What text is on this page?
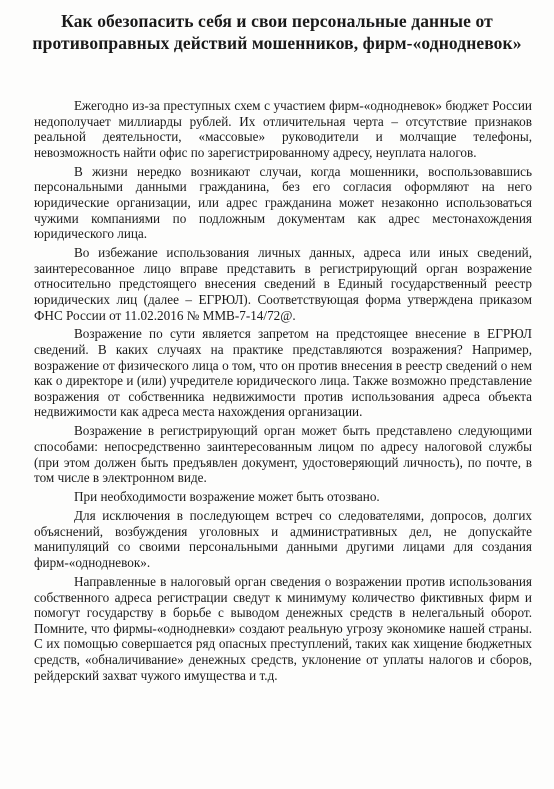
Как обезопасить себя и свои персональные данные от противоправных действий мошенников, фирм-«однодневок»

Ежегодно из-за преступных схем с участием фирм-«однодневок» бюджет России недополучает миллиарды рублей. Их отличительная черта – отсутствие признаков реальной деятельности, «массовые» руководители и молчащие телефоны, невозможность найти офис по зарегистрированному адресу, неуплата налогов.

В жизни нередко возникают случаи, когда мошенники, воспользовавшись персональными данными гражданина, без его согласия оформляют на него юридические организации, или адрес гражданина может незаконно использоваться чужими компаниями по подложным документам как адрес местонахождения юридического лица.

Во избежание использования личных данных, адреса или иных сведений, заинтересованное лицо вправе представить в регистрирующий орган возражение относительно предстоящего внесения сведений в Единый государственный реестр юридических лиц (далее – ЕГРЮЛ). Соответствующая форма утверждена приказом ФНС России от 11.02.2016 № ММВ-7-14/72@.

Возражение по сути является запретом на предстоящее внесение в ЕГРЮЛ сведений. В каких случаях на практике представляются возражения? Например, возражение от физического лица о том, что он против внесения в реестр сведений о нем как о директоре и (или) учредителе юридического лица. Также возможно представление возражения от собственника недвижимости против использования адреса объекта недвижимости как адреса места нахождения организации.

Возражение в регистрирующий орган может быть представлено следующими способами: непосредственно заинтересованным лицом по адресу налоговой службы (при этом должен быть предъявлен документ, удостоверяющий личность), по почте, в том числе в электронном виде.

При необходимости возражение может быть отозвано.

Для исключения в последующем встреч со следователями, допросов, долгих объяснений, возбуждения уголовных и административных дел, не допускайте манипуляций со своими персональными данными другими лицами для создания фирм-«однодневок».

Направленные в налоговый орган сведения о возражении против использования собственного адреса регистрации сведут к минимуму количество фиктивных фирм и помогут государству в борьбе с выводом денежных средств в нелегальный оборот. Помните, что фирмы-«однодневки» создают реальную угрозу экономике нашей страны. С их помощью совершается ряд опасных преступлений, таких как хищение бюджетных средств, «обналичивание» денежных средств, уклонение от уплаты налогов и сборов, рейдерский захват чужого имущества и т.д.
